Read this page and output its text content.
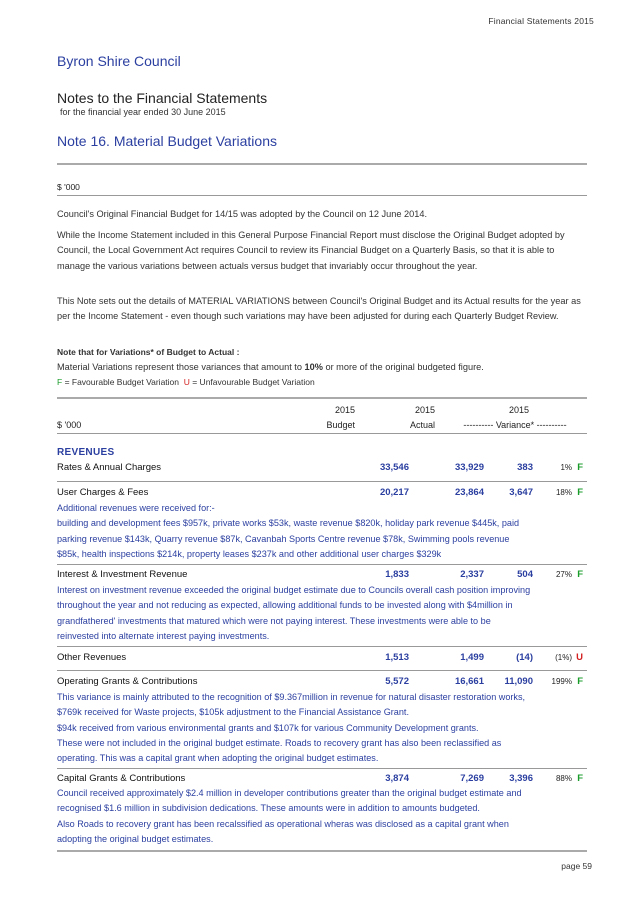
Financial Statements 2015
Byron Shire Council
Notes to the Financial Statements
for the financial year ended 30 June 2015
Note 16. Material Budget Variations
$ '000
Council's Original Financial Budget for 14/15 was adopted by the Council on 12 June 2014.
While the Income Statement included in this General Purpose Financial Report must disclose the Original Budget adopted by Council, the Local Government Act requires Council to review its Financial Budget on a Quarterly Basis, so that it is able to manage the various variations between actuals versus budget that invariably occur throughout the year.
This Note sets out the details of MATERIAL VARIATIONS between Council's Original Budget and its Actual results for the year as per the Income Statement - even though such variations may have been adjusted for during each Quarterly Budget Review.
Note that for Variations* of Budget to Actual :
Material Variations represent those variances that amount to 10% or more of the original budgeted figure.
F = Favourable Budget Variation U = Unfavourable Budget Variation
2015	2015	2015
$ '000	Budget	Actual	---------- Variance* ----------
REVENUES
Rates & Annual Charges	33,546	33,929	383	1% F
User Charges & Fees	20,217	23,864	3,647	18% F
Additional revenues were received for:-
building and development fees $957k, private works $53k, waste revenue $820k, holiday park revenue $445k, paid
parking revenue $143k, Quarry revenue $87k, Cavanbah Sports Centre revenue $78k, Swimming pools revenue
$85k, health inspections $214k, property leases $237k and other additional user charges $329k
Interest & Investment Revenue	1,833	2,337	504	27% F
Interest on investment revenue exceeded the original budget estimate due to Councils overall cash position improving
throughout the year and not reducing as expected, allowing additional funds to be invested along with $4million in
grandfathered' investments that matured which were not paying interest. These investments were able to be
reinvested into alternate interest paying investments.
Other Revenues	1,513	1,499	(14)	(1%) U
Operating Grants & Contributions	5,572	16,661 11,090 199% F
This variance is mainly attributed to the recognition of $9.367million in revenue for natural disaster restoration works,
$769k received for Waste projects, $105k adjustment to the Financial Assistance Grant.
$94k received from various environmental grants and $107k for various Community Development grants.
These were not included in the original budget estimate. Roads to recovery grant has also been reclassified as
operating. This was a capital grant when adopting the original budget estimates.
Capital Grants & Contributions	3,874	7,269	3,396	88% F
Council received approximately $2.4 million in developer contributions greater than the original budget estimate and
recognised $1.6 million in subdivision dedications. These amounts were in addition to amounts budgeted.
Also Roads to recovery grant has been recalssified as operational wheras was disclosed as a capital grant when
adopting the original budget estimates.
page 59
